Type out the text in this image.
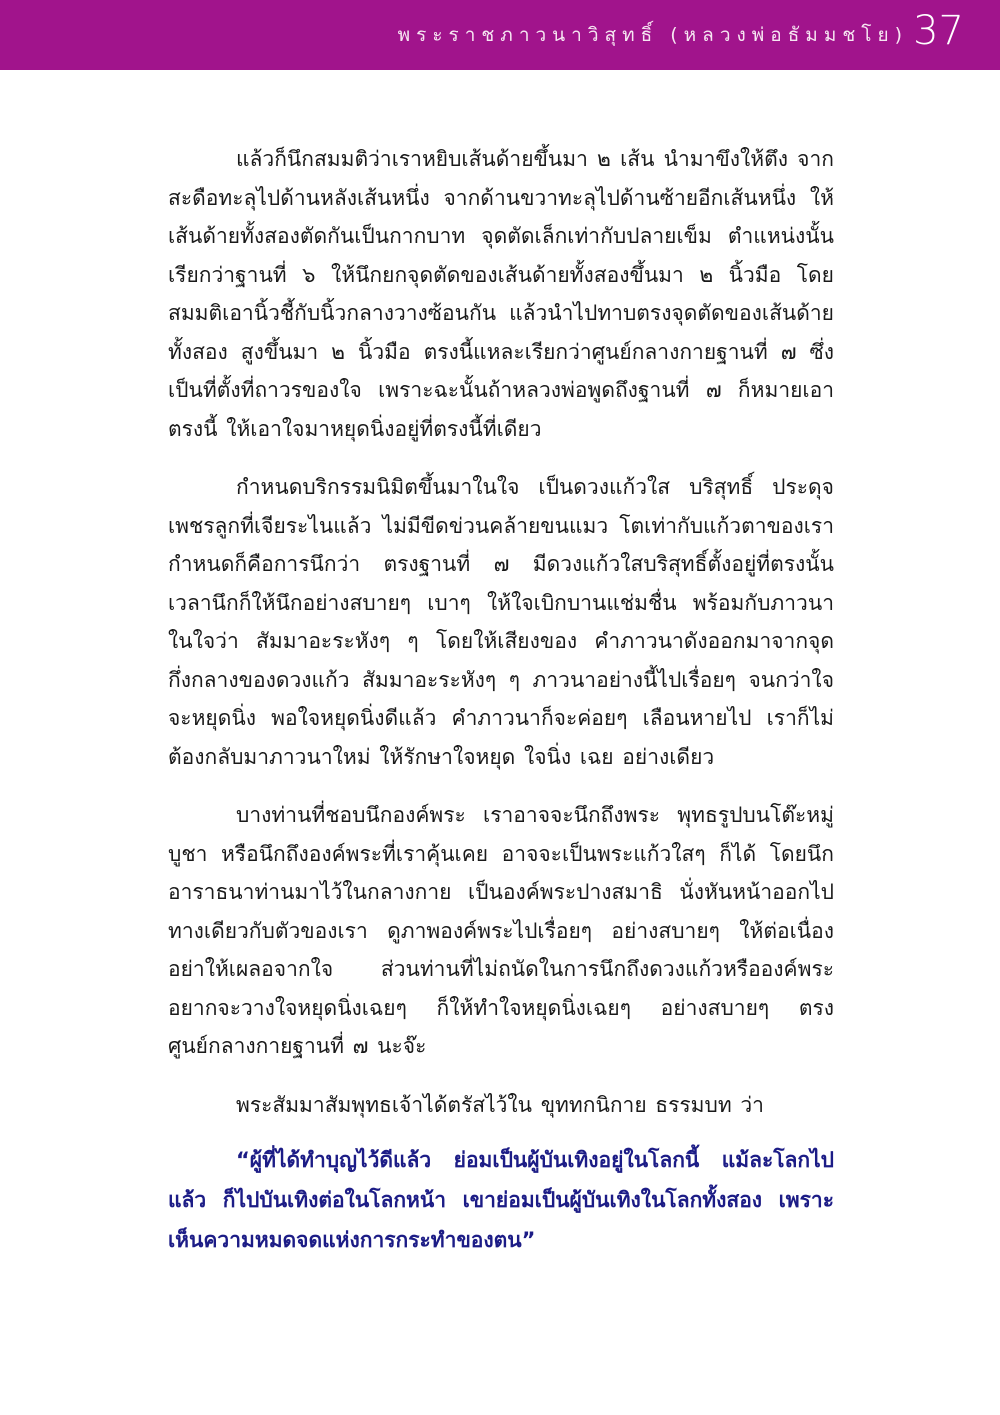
พระราชภาวนาวิสุทธิ์ (หลวงพ่อธัมมชโย) 37

แล้วก็นึกสมมติว่าเราหยิบเส้นด้ายขึ้นมา ๒ เส้น นำมาขึงให้ตึง จากสะดือทะลุไปด้านหลังเส้นหนึ่ง จากด้านขวาทะลุไปด้านซ้ายอีกเส้นหนึ่ง ให้เส้นด้ายทั้งสองตัดกันเป็นกากบาท จุดตัดเล็กเท่ากับปลายเข็ม ตำแหน่งนั้นเรียกว่าฐานที่ ๖ ให้นึกยกจุดตัดของเส้นด้ายทั้งสองขึ้นมา ๒ นิ้วมือ โดยสมมติเอานิ้วชี้กับนิ้วกลางวางซ้อนกัน แล้วนำไปทาบตรงจุดตัดของเส้นด้ายทั้งสอง สูงขึ้นมา ๒ นิ้วมือ ตรงนี้แหละเรียกว่าศูนย์กลางกายฐานที่ ๗ ซึ่งเป็นที่ตั้งที่ถาวรของใจ เพราะฉะนั้นถ้าหลวงพ่อพูดถึงฐานที่ ๗ ก็หมายเอาตรงนี้ ให้เอาใจมาหยุดนิ่งอยู่ที่ตรงนี้ที่เดียว

กำหนดบริกรรมนิมิตขึ้นมาในใจ เป็นดวงแก้วใส บริสุทธิ์ ประดุจเพชรลูกที่เจียระไนแล้ว ไม่มีขีดข่วนคล้ายขนแมว โตเท่ากับแก้วตาของเรา กำหนดก็คือการนึกว่า ตรงฐานที่ ๗ มีดวงแก้วใสบริสุทธิ์ตั้งอยู่ที่ตรงนั้น เวลานึกก็ให้นึกอย่างสบายๆ เบาๆ ให้ใจเบิกบานแช่มชื่น พร้อมกับภาวนาในใจว่า สัมมาอะระหังๆ ๆ โดยให้เสียงของ คำภาวนาดังออกมาจากจุดกึ่งกลางของดวงแก้ว สัมมาอะระหังๆ ๆ ภาวนาอย่างนี้ไปเรื่อยๆ จนกว่าใจจะหยุดนิ่ง พอใจหยุดนิ่งดีแล้ว คำภาวนาก็จะค่อยๆ เลือนหายไป เราก็ไม่ต้องกลับมาภาวนาใหม่ ให้รักษาใจหยุด ใจนิ่ง เฉย อย่างเดียว

บางท่านที่ชอบนึกองค์พระ เราอาจจะนึกถึงพระ พุทธรูปบนโต๊ะหมู่บูชา หรือนึกถึงองค์พระที่เราคุ้นเคย อาจจะเป็นพระแก้วใสๆ ก็ได้ โดยนึกอาราธนาท่านมาไว้ในกลางกาย เป็นองค์พระปางสมาธิ นั่งหันหน้าออกไปทางเดียวกับตัวของเรา ดูภาพองค์พระไปเรื่อยๆ อย่างสบายๆ ให้ต่อเนื่อง อย่าให้เผลอจากใจ ส่วนท่านที่ไม่ถนัดในการนึกถึงดวงแก้วหรือองค์พระ อยากจะวางใจหยุดนิ่งเฉยๆ ก็ให้ทำใจหยุดนิ่งเฉยๆ อย่างสบายๆ ตรงศูนย์กลางกายฐานที่ ๗ นะจ๊ะ

พระสัมมาสัมพุทธเจ้าได้ตรัสไว้ใน ขุททกนิกาย ธรรมบท ว่า

“ผู้ที่ได้ทำบุญไว้ดีแล้ว ย่อมเป็นผู้บันเทิงอยู่ในโลกนี้ แม้ละโลกไปแล้ว ก็ไปบันเทิงต่อในโลกหน้า เขาย่อมเป็นผู้บันเทิงในโลกทั้งสอง เพราะเห็นความหมดจดแห่งการกระทำของตน”
